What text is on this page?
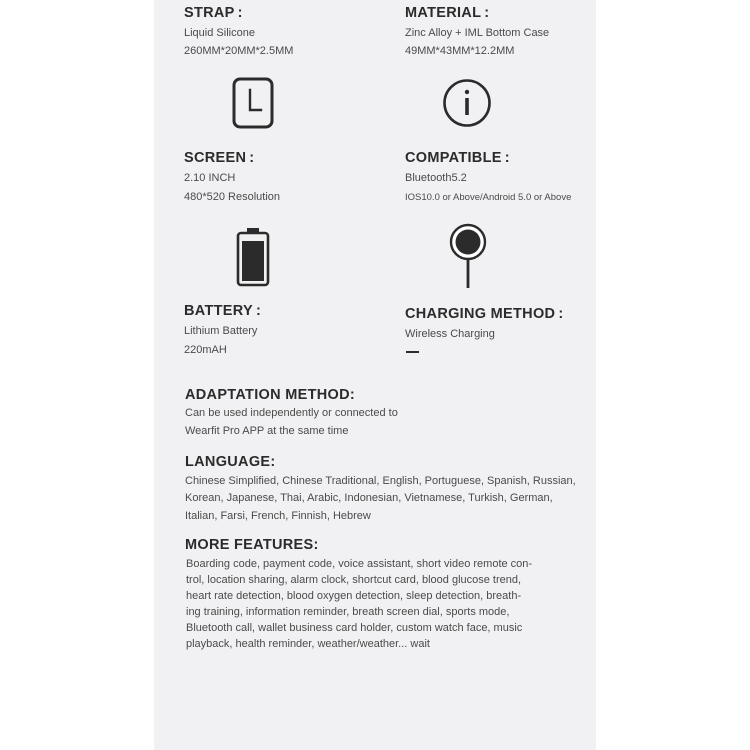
STRAP :
Liquid Silicone
260MM*20MM*2.5MM
MATERIAL :
Zinc Alloy + IML Bottom Case
49MM*43MM*12.2MM
SCREEN :
2.10 INCH
480*520 Resolution
COMPATIBLE :
Bluetooth5.2
IOS10.0 or Above/Android 5.0 or Above
BATTERY :
Lithium Battery
220mAH
CHARGING METHOD :
Wireless Charging
ADAPTATION METHOD:
Can be used independently or connected to
Wearfit Pro APP at the same time
LANGUAGE:
Chinese Simplified, Chinese Traditional, English, Portuguese, Spanish, Russian,
Korean, Japanese, Thai, Arabic, Indonesian, Vietnamese, Turkish, German,
Italian, Farsi, French, Finnish, Hebrew
MORE FEATURES:
Boarding code, payment code, voice assistant, short video remote con-
trol, location sharing, alarm clock, shortcut card, blood glucose trend,
heart rate detection, blood oxygen detection, sleep detection, breath-
ing training, information reminder, breath screen dial, sports mode,
Bluetooth call, wallet business card holder, custom watch face, music
playback, health reminder, weather/weather... wait
